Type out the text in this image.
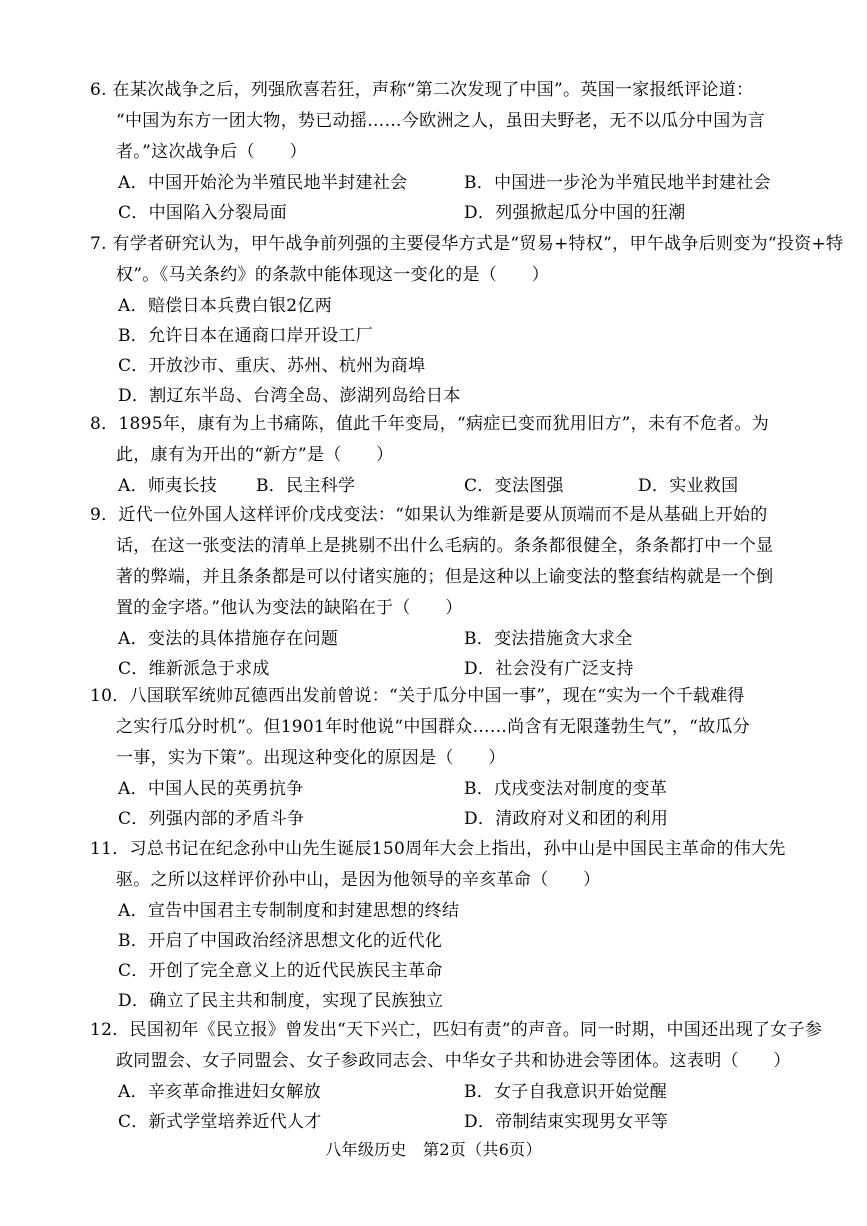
6. 在某次战争之后，列强欣喜若狂，声称“第二次发现了中国”。英国一家报纸评论道：
“中国为东方一团大物，势已动摇……今欧洲之人，虽田夫野老，无不以瓜分中国为言
者。”这次战争后（　　）
A．中国开始沦为半殖民地半封建社会	B．中国进一步沦为半殖民地半封建社会
C．中国陷入分裂局面	D．列强掀起瓜分中国的狂潮
7. 有学者研究认为，甲午战争前列强的主要侵华方式是“贸易+特权”，甲午战争后则变为“投资+特
权”。《马关条约》的条款中能体现这一变化的是（　　）
A．赔偿日本兵费白银2亿两
B．允许日本在通商口岸开设工厂
C．开放沙市、重庆、苏州、杭州为商埠
D．割辽东半岛、台湾全岛、澎湖列岛给日本
8．1895年，康有为上书痛陈，值此千年变局，“病症已变而犹用旧方”，未有不危者。为
此，康有为开出的“新方”是（　　）
A．师夷长技 B．民主科学	C．变法图强	D．实业救国
9．近代一位外国人这样评价戊戌变法：“如果认为维新是要从顶端而不是从基础上开始的
话，在这一张变法的清单上是挑剔不出什么毛病的。条条都很健全，条条都打中一个显
著的弊端，并且条条都是可以付诸实施的；但是这种以上谕变法的整套结构就是一个倒
置的金字塔。”他认为变法的缺陷在于（　　）
A．变法的具体措施存在问题	B．变法措施贪大求全
C．维新派急于求成	D．社会没有广泛支持
10．八国联军统帅瓦德西出发前曾说：“关于瓜分中国一事”，现在“实为一个千载难得
之实行瓜分时机”。但1901年时他说“中国群众……尚含有无限蓬勃生气”，“故瓜分
一事，实为下策”。出现这种变化的原因是（　　）
A．中国人民的英勇抗争	B．戊戌变法对制度的变革
C．列强内部的矛盾斗争	D．清政府对义和团的利用
11．习总书记在纪念孙中山先生诞辰150周年大会上指出，孙中山是中国民主革命的伟大先
驱。之所以这样评价孙中山，是因为他领导的辛亥革命（　　）
A．宣告中国君主专制制度和封建思想的终结
B．开启了中国政治经济思想文化的近代化
C．开创了完全意义上的近代民族民主革命
D．确立了民主共和制度，实现了民族独立
12．民国初年《民立报》曾发出“天下兴亡，匹妇有责”的声音。同一时期，中国还出现了女子参
政同盟会、女子同盟会、女子参政同志会、中华女子共和协进会等团体。这表明（　　）
A．辛亥革命推进妇女解放	B．女子自我意识开始觉醒
C．新式学堂培养近代人才	D．帝制结束实现男女平等
八年级历史　第2页（共6页）
